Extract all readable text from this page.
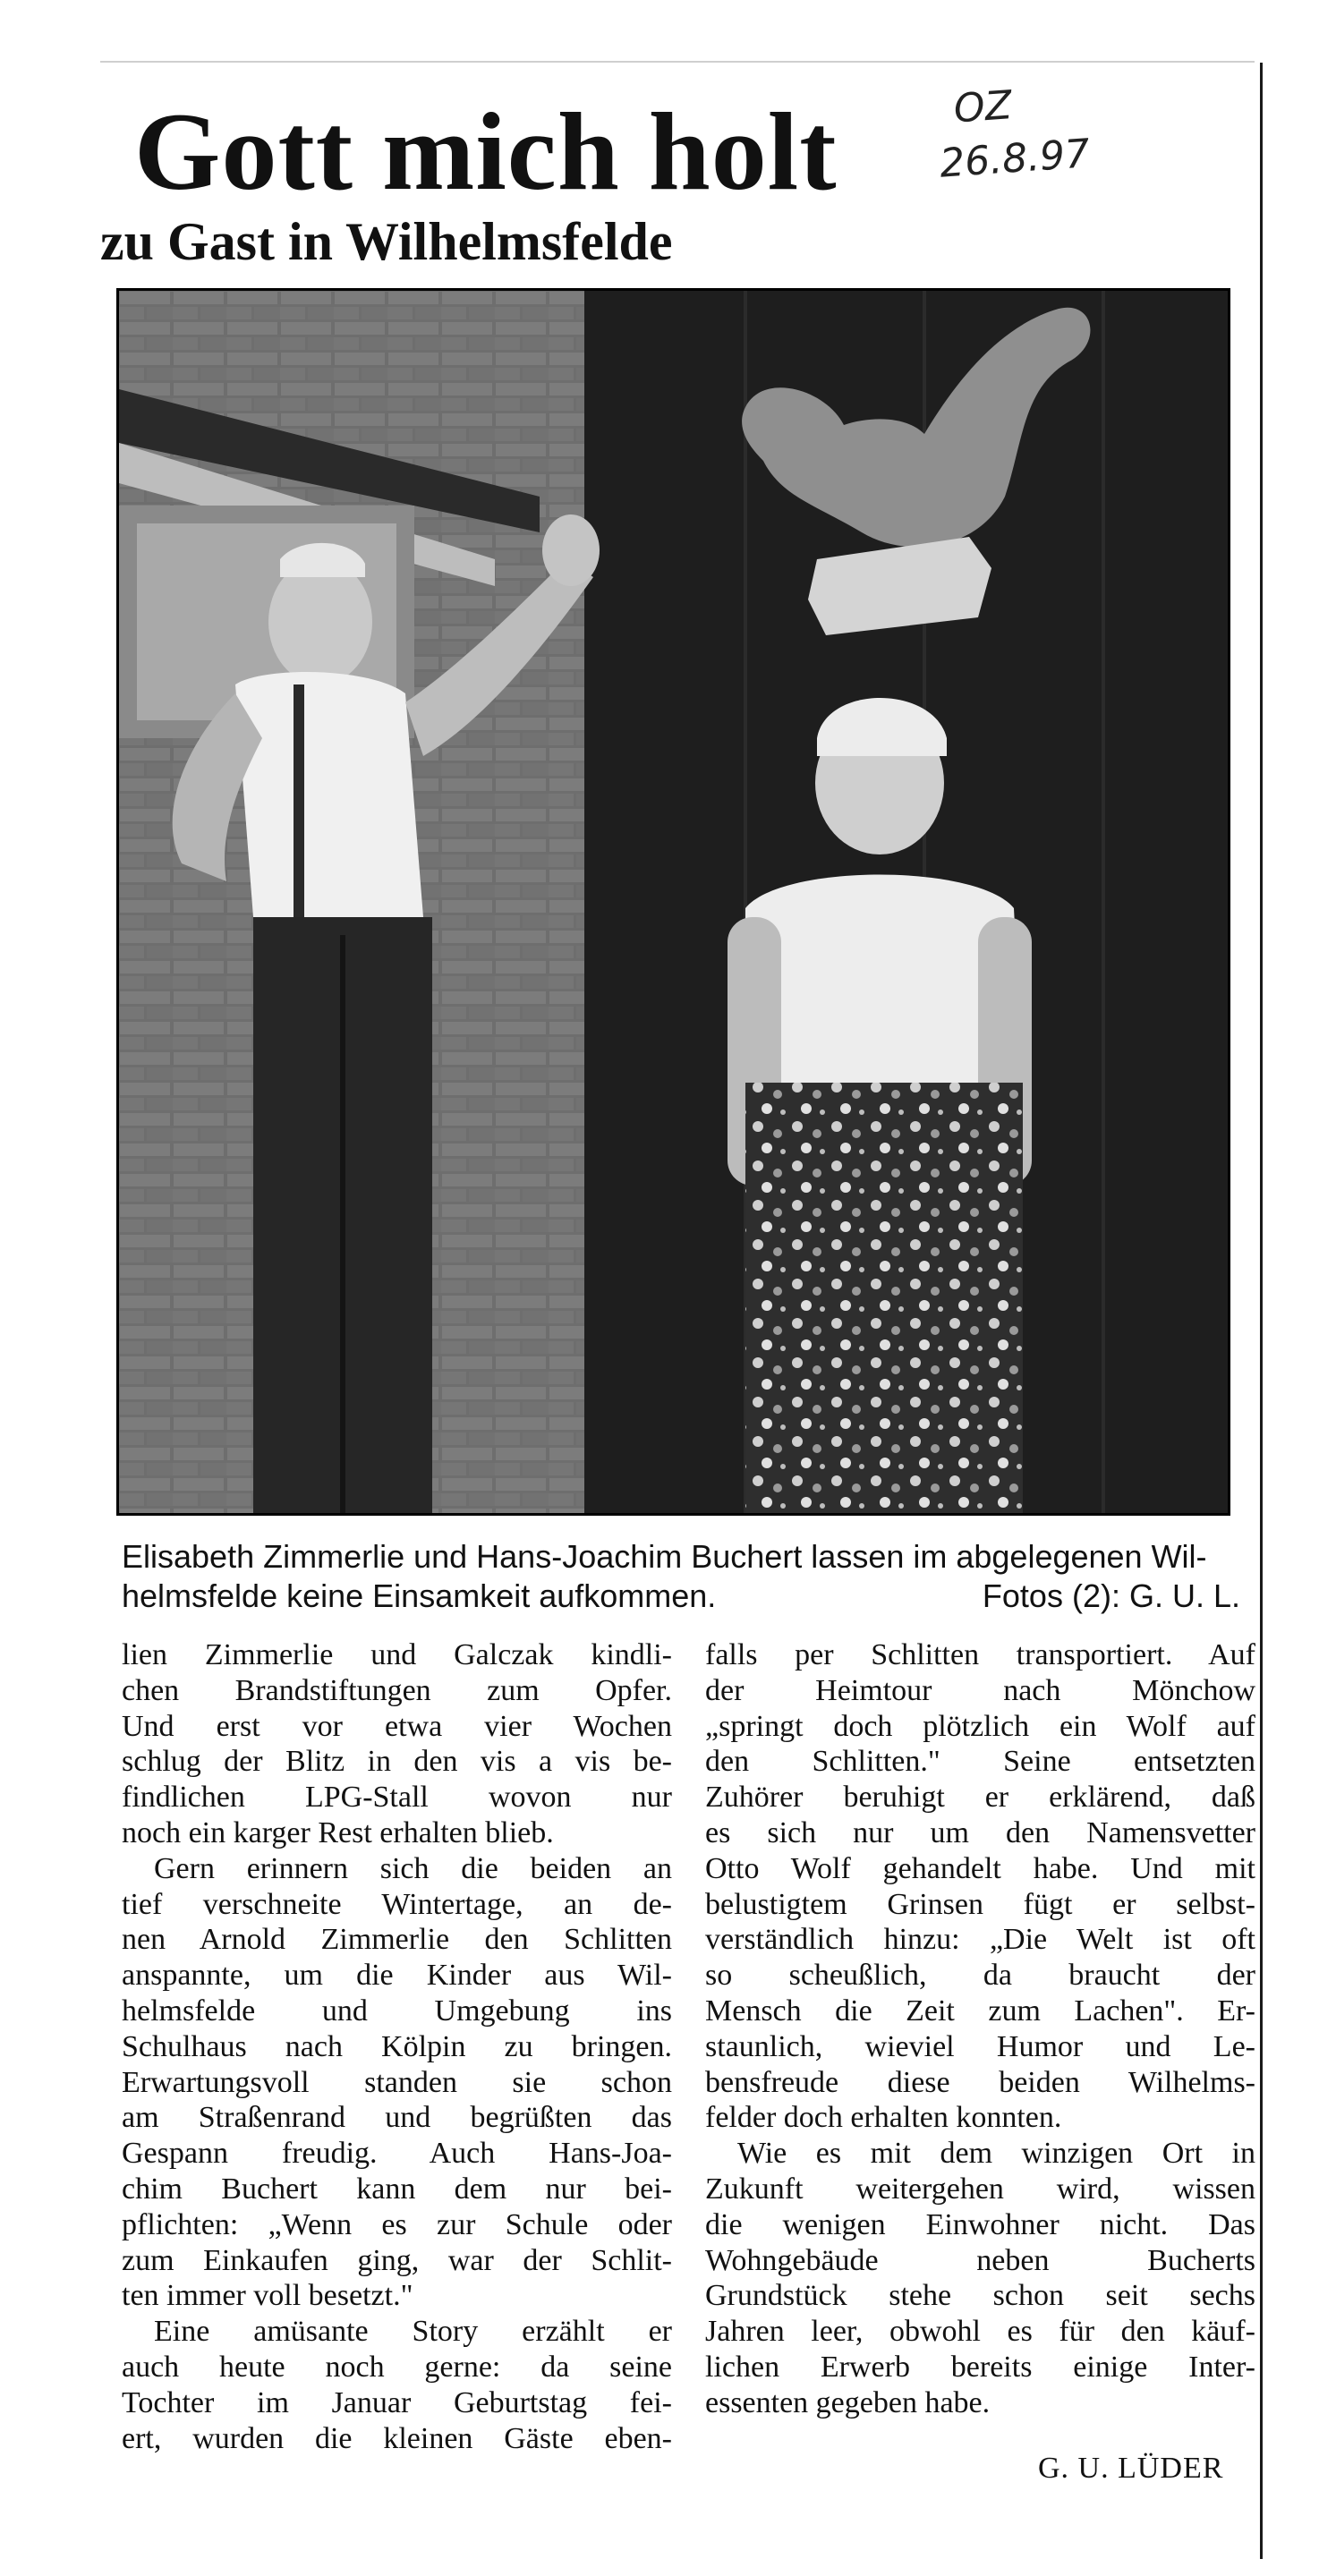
Gott mich holt
zu Gast in Wilhelmsfelde
OZ
26.8.97
Elisabeth Zimmerlie und Hans-Joachim Buchert lassen im abgelegenen Wil-
helmsfelde keine Einsamkeit aufkommen.	Fotos (2): G. U. L.
lien Zimmerlie und Galczak kindli-
chen Brandstiftungen zum Opfer.
Und erst vor etwa vier Wochen
schlug der Blitz in den vis a vis be-
findlichen LPG-Stall wovon nur
noch ein karger Rest erhalten blieb.
Gern erinnern sich die beiden an
tief verschneite Wintertage, an de-
nen Arnold Zimmerlie den Schlitten
anspannte, um die Kinder aus Wil-
helmsfelde und Umgebung ins
Schulhaus nach Kölpin zu bringen.
Erwartungsvoll standen sie schon
am Straßenrand und begrüßten das
Gespann freudig. Auch Hans-Joa-
chim Buchert kann dem nur bei-
pflichten: „Wenn es zur Schule oder
zum Einkaufen ging, war der Schlit-
ten immer voll besetzt."
Eine amüsante Story erzählt er
auch heute noch gerne: da seine
Tochter im Januar Geburtstag fei-
ert, wurden die kleinen Gäste eben-
falls per Schlitten transportiert. Auf
der Heimtour nach Mönchow
„springt doch plötzlich ein Wolf auf
den Schlitten." Seine entsetzten
Zuhörer beruhigt er erklärend, daß
es sich nur um den Namensvetter
Otto Wolf gehandelt habe. Und mit
belustigtem Grinsen fügt er selbst-
verständlich hinzu: „Die Welt ist oft
so scheußlich, da braucht der
Mensch die Zeit zum Lachen". Er-
staunlich, wieviel Humor und Le-
bensfreude diese beiden Wilhelms-
felder doch erhalten konnten.
Wie es mit dem winzigen Ort in
Zukunft weitergehen wird, wissen
die wenigen Einwohner nicht. Das
Wohngebäude neben Bucherts
Grundstück stehe schon seit sechs
Jahren leer, obwohl es für den käuf-
lichen Erwerb bereits einige Inter-
essenten gegeben habe.
G. U. LÜDER
